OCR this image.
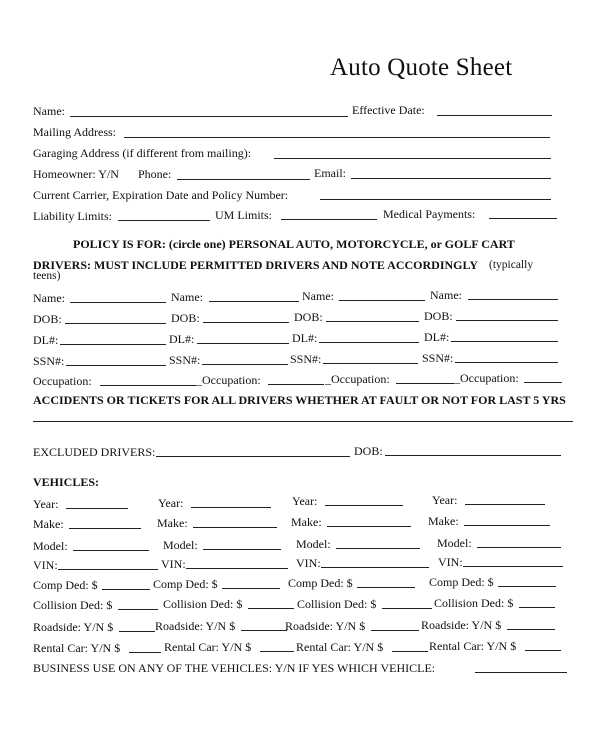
Auto Quote Sheet
Name:	Effective Date:
Mailing Address:
Garaging Address (if different from mailing):
Homeowner: Y/N Phone:	Email:
Current Carrier, Expiration Date and Policy Number:
Liability Limits:	UM Limits:	Medical Payments:
POLICY IS FOR: (circle one) PERSONAL AUTO, MOTORCYCLE, or GOLF CART
DRIVERS: MUST INCLUDE PERMITTED DRIVERS AND NOTE ACCORDINGLY (typically
teens)
Name:	Name:	Name:	Name:
DOB:	DOB:	DOB:	DOB:
DL#:	DL#:	DL#:	DL#:
SSN#:	SSN#:	SSN#:	SSN#:
Occupation:	_Occupation:	_Occupation:	_Occupation:
ACCIDENTS OR TICKETS FOR ALL DRIVERS WHETHER AT FAULT OR NOT FOR LAST 5 YRS
EXCLUDED DRIVERS:	DOB:
VEHICLES:
Year:	Year:	Year:	Year:
Make:	Make:	Make:	Make:
Model:	Model:	Model:	Model:
VIN:	VIN:	VIN:	VIN:
Comp Ded: $	Comp Ded: $	Comp Ded: $	Comp Ded: $
Collision Ded: $	Collision Ded: $	Collision Ded: $	Collision Ded: $
Roadside: Y/N $	Roadside: Y/N $	Roadside: Y/N $	Roadside: Y/N $
Rental Car: Y/N $	Rental Car: Y/N $	Rental Car: Y/N $	Rental Car: Y/N $
BUSINESS USE ON ANY OF THE VEHICLES: Y/N IF YES WHICH VEHICLE:
